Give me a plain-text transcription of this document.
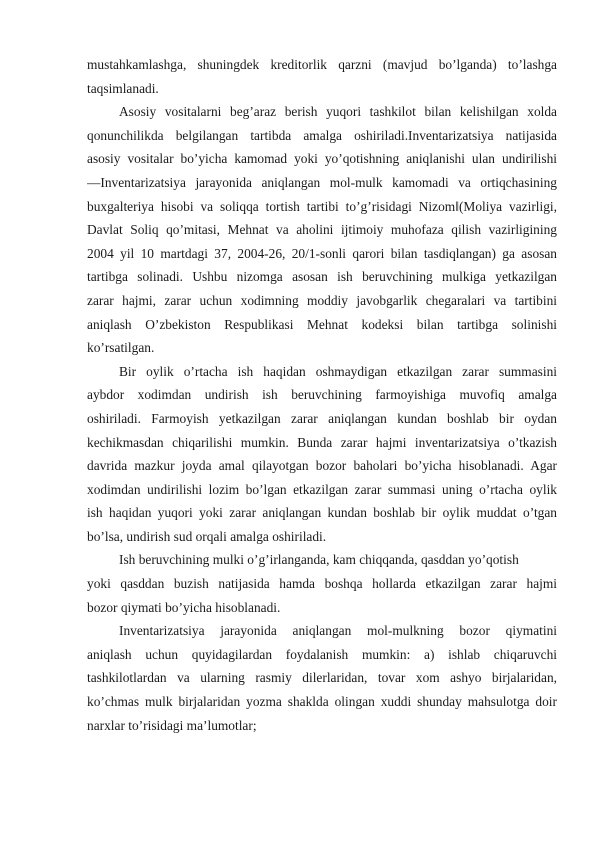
mustahkamlashga, shuningdek kreditorlik qarzni (mavjud bo’lganda) to’lashga
taqsimlanadi.

Asosiy vositalarni beg’araz berish yuqori tashkilot bilan kelishilgan xolda
qonunchilikda belgilangan tartibda amalga oshiriladi.Inventarizatsiya natijasida
asosiy vositalar bo’yicha kamomad yoki yo’qotishning aniqlanishi ulan undirilishi
―Inventarizatsiya jarayonida aniqlangan mol-mulk kamomadi va ortiqchasining
buxgalteriya hisobi va soliqqa tortish tartibi to’g’risidagi Nizom‖(Moliya vazirligi,
Davlat Soliq qo’mitasi, Mehnat va aholini ijtimoiy muhofaza qilish vazirligining
2004 yil 10 martdagi 37, 2004-26, 20/1-sonli qarori bilan tasdiqlangan) ga asosan
tartibga solinadi. Ushbu nizomga asosan ish beruvchining mulkiga yetkazilgan
zarar hajmi, zarar uchun xodimning moddiy javobgarlik chegaralari va tartibini
aniqlash O’zbekiston Respublikasi Mehnat kodeksi bilan tartibga solinishi
ko’rsatilgan.

Bir oylik o’rtacha ish haqidan oshmaydigan etkazilgan zarar summasini
aybdor xodimdan undirish ish beruvchining farmoyishiga muvofiq amalga
oshiriladi. Farmoyish yetkazilgan zarar aniqlangan kundan boshlab bir oydan
kechikmasdan chiqarilishi mumkin. Bunda zarar hajmi inventarizatsiya o’tkazish
davrida mazkur joyda amal qilayotgan bozor baholari bo’yicha hisoblanadi. Agar
xodimdan undirilishi lozim bo’lgan etkazilgan zarar summasi uning o’rtacha oylik
ish haqidan yuqori yoki zarar aniqlangan kundan boshlab bir oylik muddat o’tgan
bo’lsa, undirish sud orqali amalga oshiriladi.

Ish beruvchining mulki o’g’irlanganda, kam chiqqanda, qasddan yo’qotish

yoki qasddan buzish natijasida hamda boshqa hollarda etkazilgan zarar hajmi
bozor qiymati bo’yicha hisoblanadi.

Inventarizatsiya jarayonida aniqlangan mol-mulkning bozor qiymatini
aniqlash uchun quyidagilardan foydalanish mumkin: a) ishlab chiqaruvchi
tashkilotlardan va ularning rasmiy dilerlaridan, tovar xom ashyo birjalaridan,
ko’chmas mulk birjalaridan yozma shaklda olingan xuddi shunday mahsulotga doir
narxlar to’risidagi ma’lumotlar;
